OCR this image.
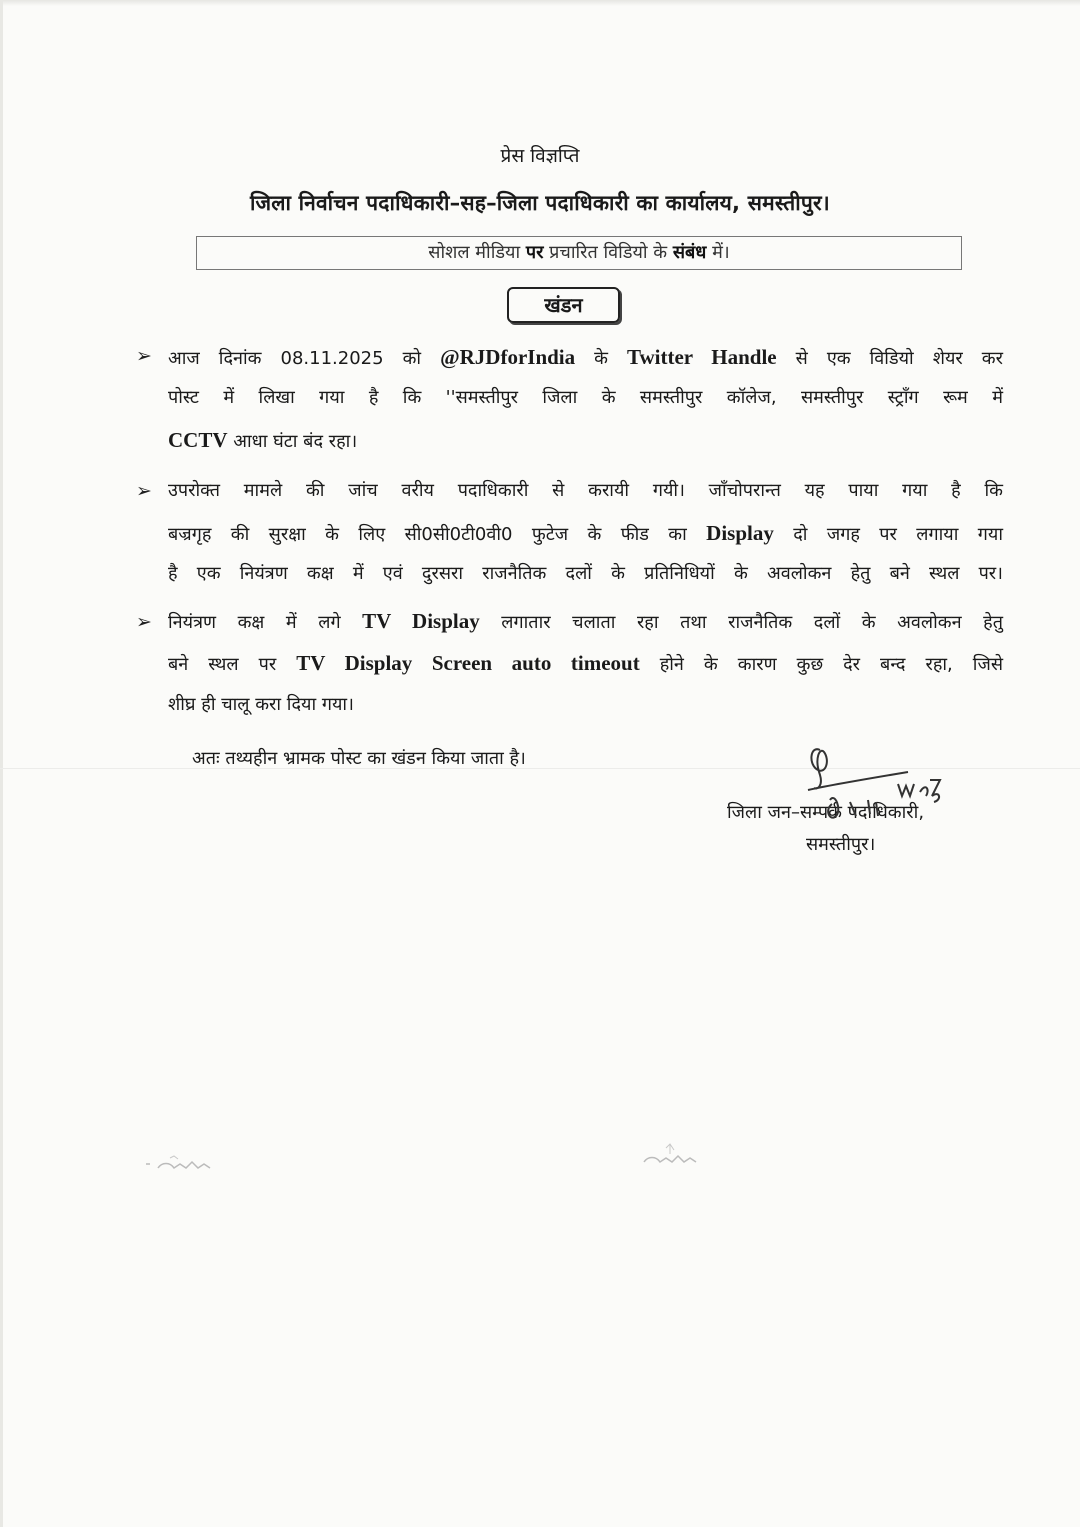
प्रेस विज्ञप्ति
जिला निर्वाचन पदाधिकारी–सह–जिला पदाधिकारी का कार्यालय, समस्तीपुर।
सोशल मीडिया पर प्रचारित विडियो के संबंध में।
खंडन
➢ आज दिनांक 08.11.2025 को @RJDforIndia के Twitter Handle से एक विडियो शेयर कर
पोस्ट में लिखा गया है कि ''समस्तीपुर जिला के समस्तीपुर कॉलेज, समस्तीपुर स्ट्राँग रूम में
CCTV आधा घंटा बंद रहा।
➢ उपरोक्त मामले की जांच वरीय पदाधिकारी से करायी गयी। जाँचोपरान्त यह पाया गया है कि
बज्रगृह की सुरक्षा के लिए सी0सी0टी0वी0 फुटेज के फीड का Display दो जगह पर लगाया गया
है एक नियंत्रण कक्ष में एवं दुरसरा राजनैतिक दलों के प्रतिनिधियों के अवलोकन हेतु बने स्थल पर।
➢ नियंत्रण कक्ष में लगे TV Display लगातार चलाता रहा तथा राजनैतिक दलों के अवलोकन हेतु
बने स्थल पर TV Display Screen auto timeout होने के कारण कुछ देर बन्द रहा, जिसे
शीघ्र ही चालू करा दिया गया।
अतः तथ्यहीन भ्रामक पोस्ट का खंडन किया जाता है।
जिला जन–सम्पर्क पदाधिकारी,
समस्तीपुर।
